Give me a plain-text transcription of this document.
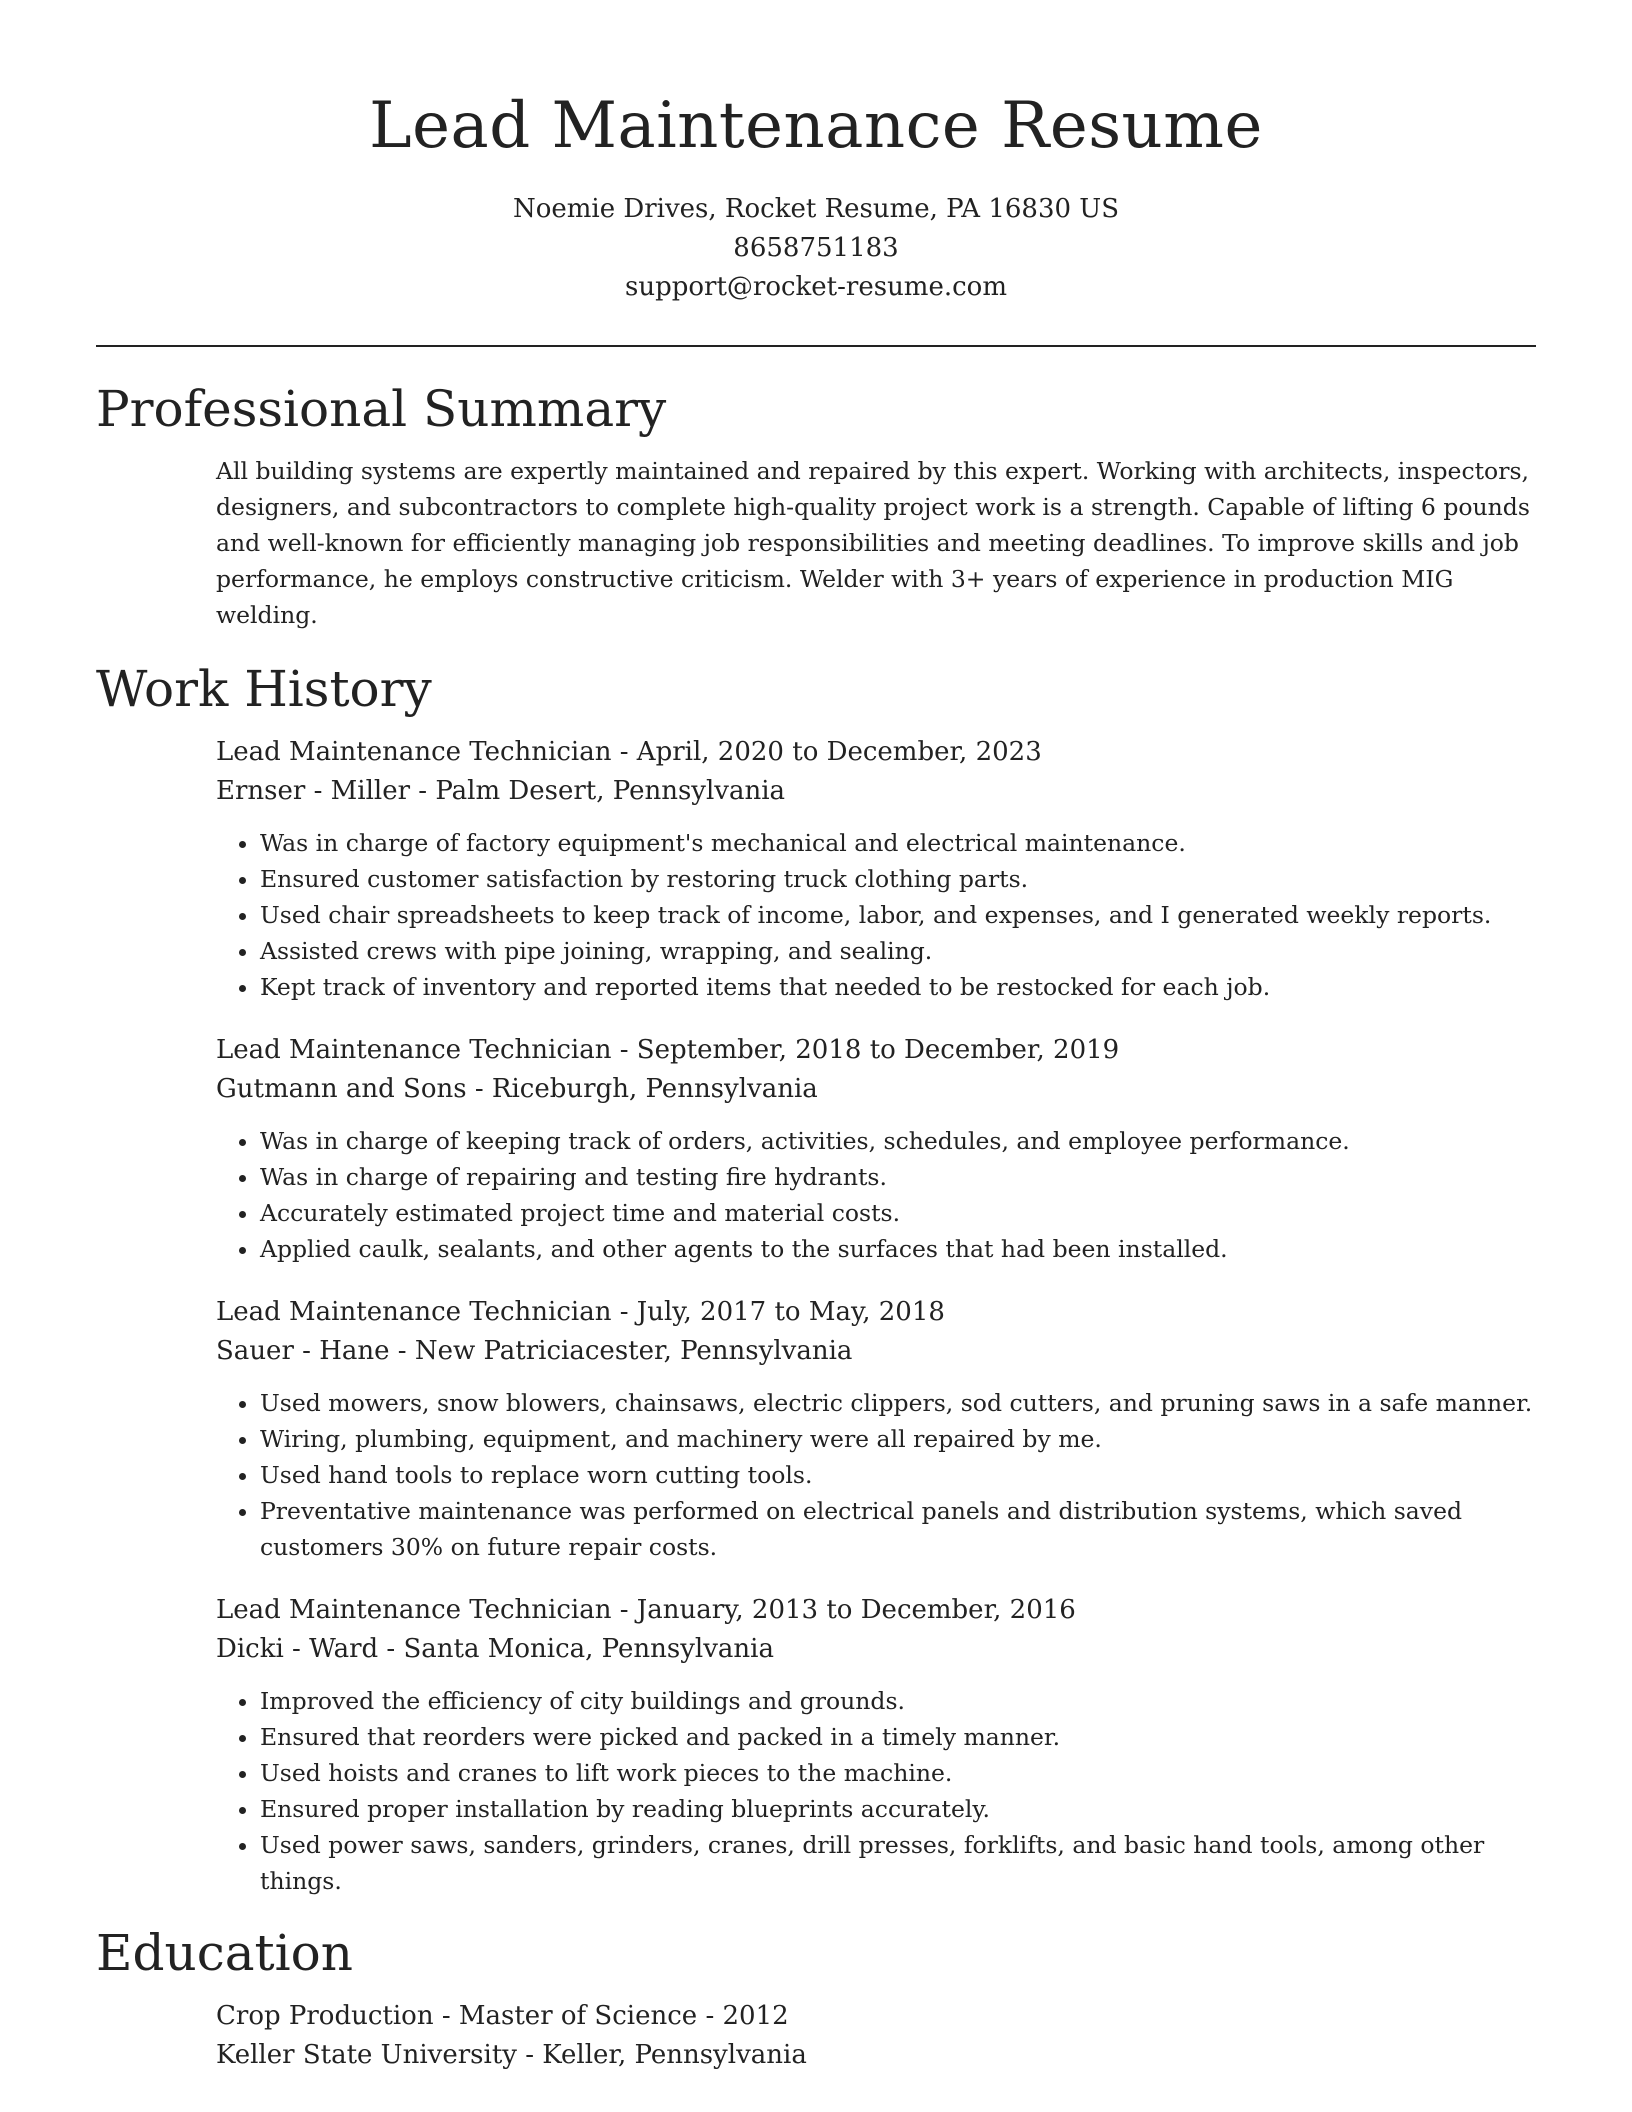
Lead Maintenance Resume

Noemie Drives, Rocket Resume, PA 16830 US

8658751183

support@rocket-resume.com

Professional Summary

All building systems are expertly maintained and repaired by this expert. Working with architects, inspectors, designers, and subcontractors to complete high-quality project work is a strength. Capable of lifting 6 pounds and well-known for efficiently managing job responsibilities and meeting deadlines. To improve skills and job performance, he employs constructive criticism. Welder with 3+ years of experience in production MIG welding.

Work History

Lead Maintenance Technician - April, 2020 to December, 2023

Ernser - Miller - Palm Desert, Pennsylvania

• Was in charge of factory equipment's mechanical and electrical maintenance.
• Ensured customer satisfaction by restoring truck clothing parts.
• Used chair spreadsheets to keep track of income, labor, and expenses, and I generated weekly reports.
• Assisted crews with pipe joining, wrapping, and sealing.
• Kept track of inventory and reported items that needed to be restocked for each job.

Lead Maintenance Technician - September, 2018 to December, 2019

Gutmann and Sons - Riceburgh, Pennsylvania

• Was in charge of keeping track of orders, activities, schedules, and employee performance.
• Was in charge of repairing and testing fire hydrants.
• Accurately estimated project time and material costs.
• Applied caulk, sealants, and other agents to the surfaces that had been installed.

Lead Maintenance Technician - July, 2017 to May, 2018

Sauer - Hane - New Patriciacester, Pennsylvania

• Used mowers, snow blowers, chainsaws, electric clippers, sod cutters, and pruning saws in a safe manner.
• Wiring, plumbing, equipment, and machinery were all repaired by me.
• Used hand tools to replace worn cutting tools.
• Preventative maintenance was performed on electrical panels and distribution systems, which saved customers 30% on future repair costs.

Lead Maintenance Technician - January, 2013 to December, 2016

Dicki - Ward - Santa Monica, Pennsylvania

• Improved the efficiency of city buildings and grounds.
• Ensured that reorders were picked and packed in a timely manner.
• Used hoists and cranes to lift work pieces to the machine.
• Ensured proper installation by reading blueprints accurately.
• Used power saws, sanders, grinders, cranes, drill presses, forklifts, and basic hand tools, among other things.
Education

Crop Production - Master of Science - 2012

Keller State University - Keller, Pennsylvania
